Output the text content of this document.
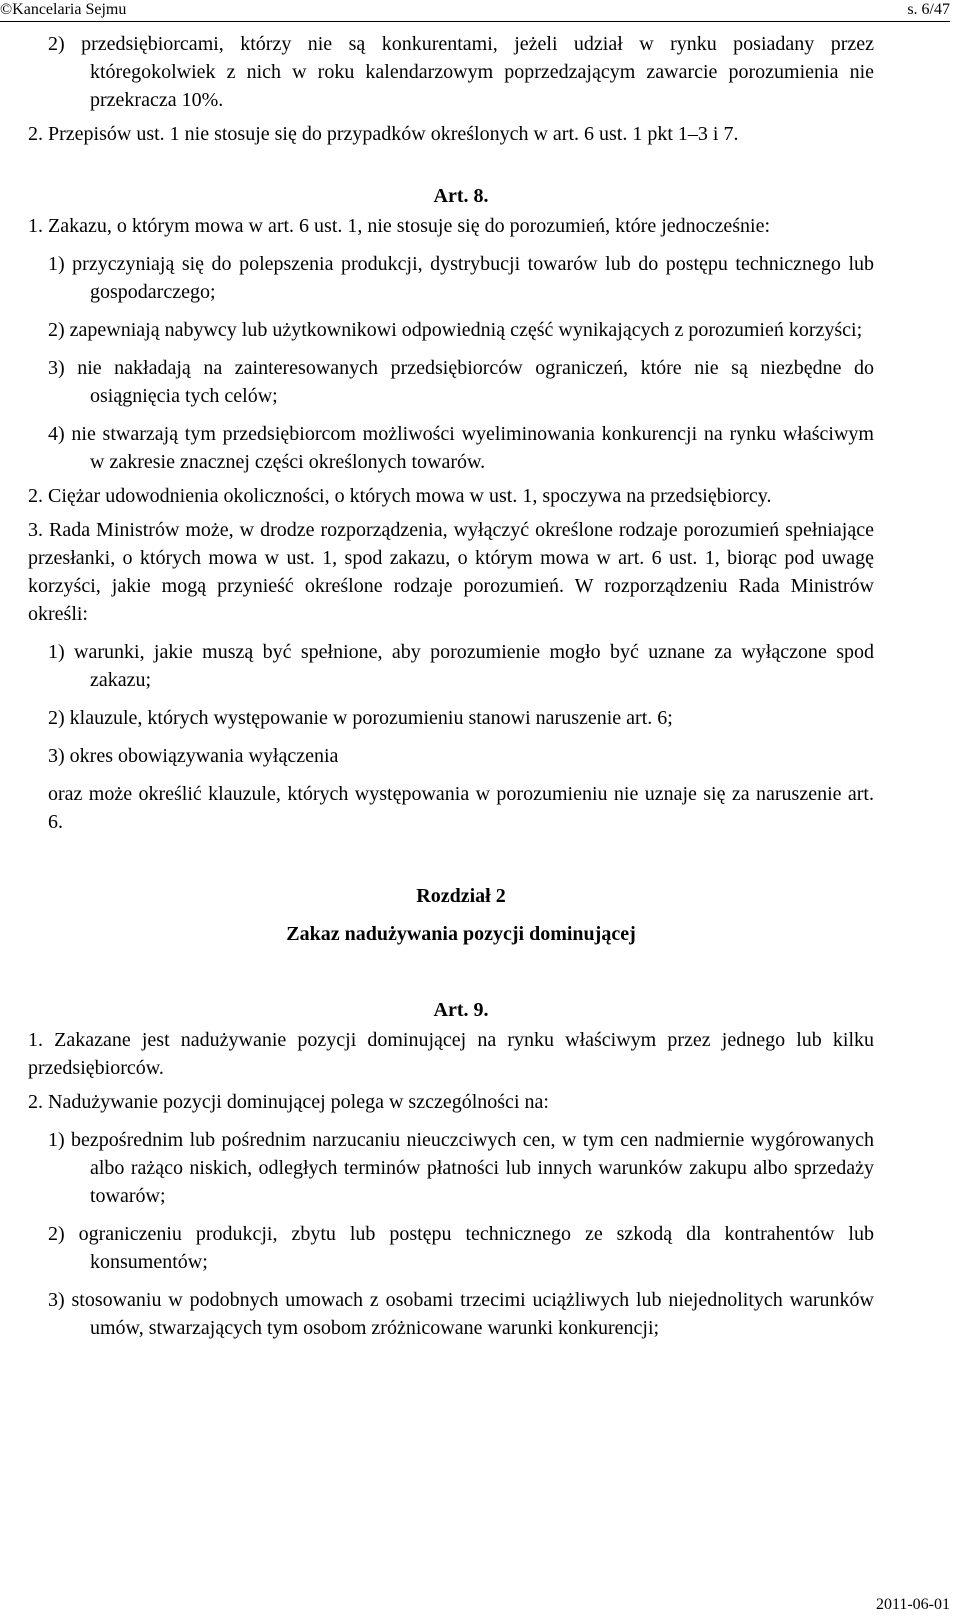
©Kancelaria Sejmu	s. 6/47

2) przedsiębiorcami, którzy nie są konkurentami, jeżeli udział w rynku posiadany przez któregokolwiek z nich w roku kalendarzowym poprzedzającym zawarcie porozumienia nie przekracza 10%.

2. Przepisów ust. 1 nie stosuje się do przypadków określonych w art. 6 ust. 1 pkt 1–3 i 7.

Art. 8.

1. Zakazu, o którym mowa w art. 6 ust. 1, nie stosuje się do porozumień, które jednocześnie:

1) przyczyniają się do polepszenia produkcji, dystrybucji towarów lub do postępu technicznego lub gospodarczego;

2) zapewniają nabywcy lub użytkownikowi odpowiednią część wynikających z porozumień korzyści;

3) nie nakładają na zainteresowanych przedsiębiorców ograniczeń, które nie są niezbędne do osiągnięcia tych celów;

4) nie stwarzają tym przedsiębiorcom możliwości wyeliminowania konkurencji na rynku właściwym w zakresie znacznej części określonych towarów.

2. Ciężar udowodnienia okoliczności, o których mowa w ust. 1, spoczywa na przedsiębiorcy.

3. Rada Ministrów może, w drodze rozporządzenia, wyłączyć określone rodzaje porozumień spełniające przesłanki, o których mowa w ust. 1, spod zakazu, o którym mowa w art. 6 ust. 1, biorąc pod uwagę korzyści, jakie mogą przynieść określone rodzaje porozumień. W rozporządzeniu Rada Ministrów określi:

1) warunki, jakie muszą być spełnione, aby porozumienie mogło być uznane za wyłączone spod zakazu;

2) klauzule, których występowanie w porozumieniu stanowi naruszenie art. 6;

3) okres obowiązywania wyłączenia

oraz może określić klauzule, których występowania w porozumieniu nie uznaje się za naruszenie art. 6.

Rozdział 2

Zakaz nadużywania pozycji dominującej

Art. 9.

1. Zakazane jest nadużywanie pozycji dominującej na rynku właściwym przez jednego lub kilku przedsiębiorców.

2. Nadużywanie pozycji dominującej polega w szczególności na:

1) bezpośrednim lub pośrednim narzucaniu nieuczciwych cen, w tym cen nadmiernie wygórowanych albo rażąco niskich, odległych terminów płatności lub innych warunków zakupu albo sprzedaży towarów;

2) ograniczeniu produkcji, zbytu lub postępu technicznego ze szkodą dla kontrahentów lub konsumentów;

3) stosowaniu w podobnych umowach z osobami trzecimi uciążliwych lub niejednolitych warunków umów, stwarzających tym osobom zróżnicowane warunki konkurencji;

2011-06-01
